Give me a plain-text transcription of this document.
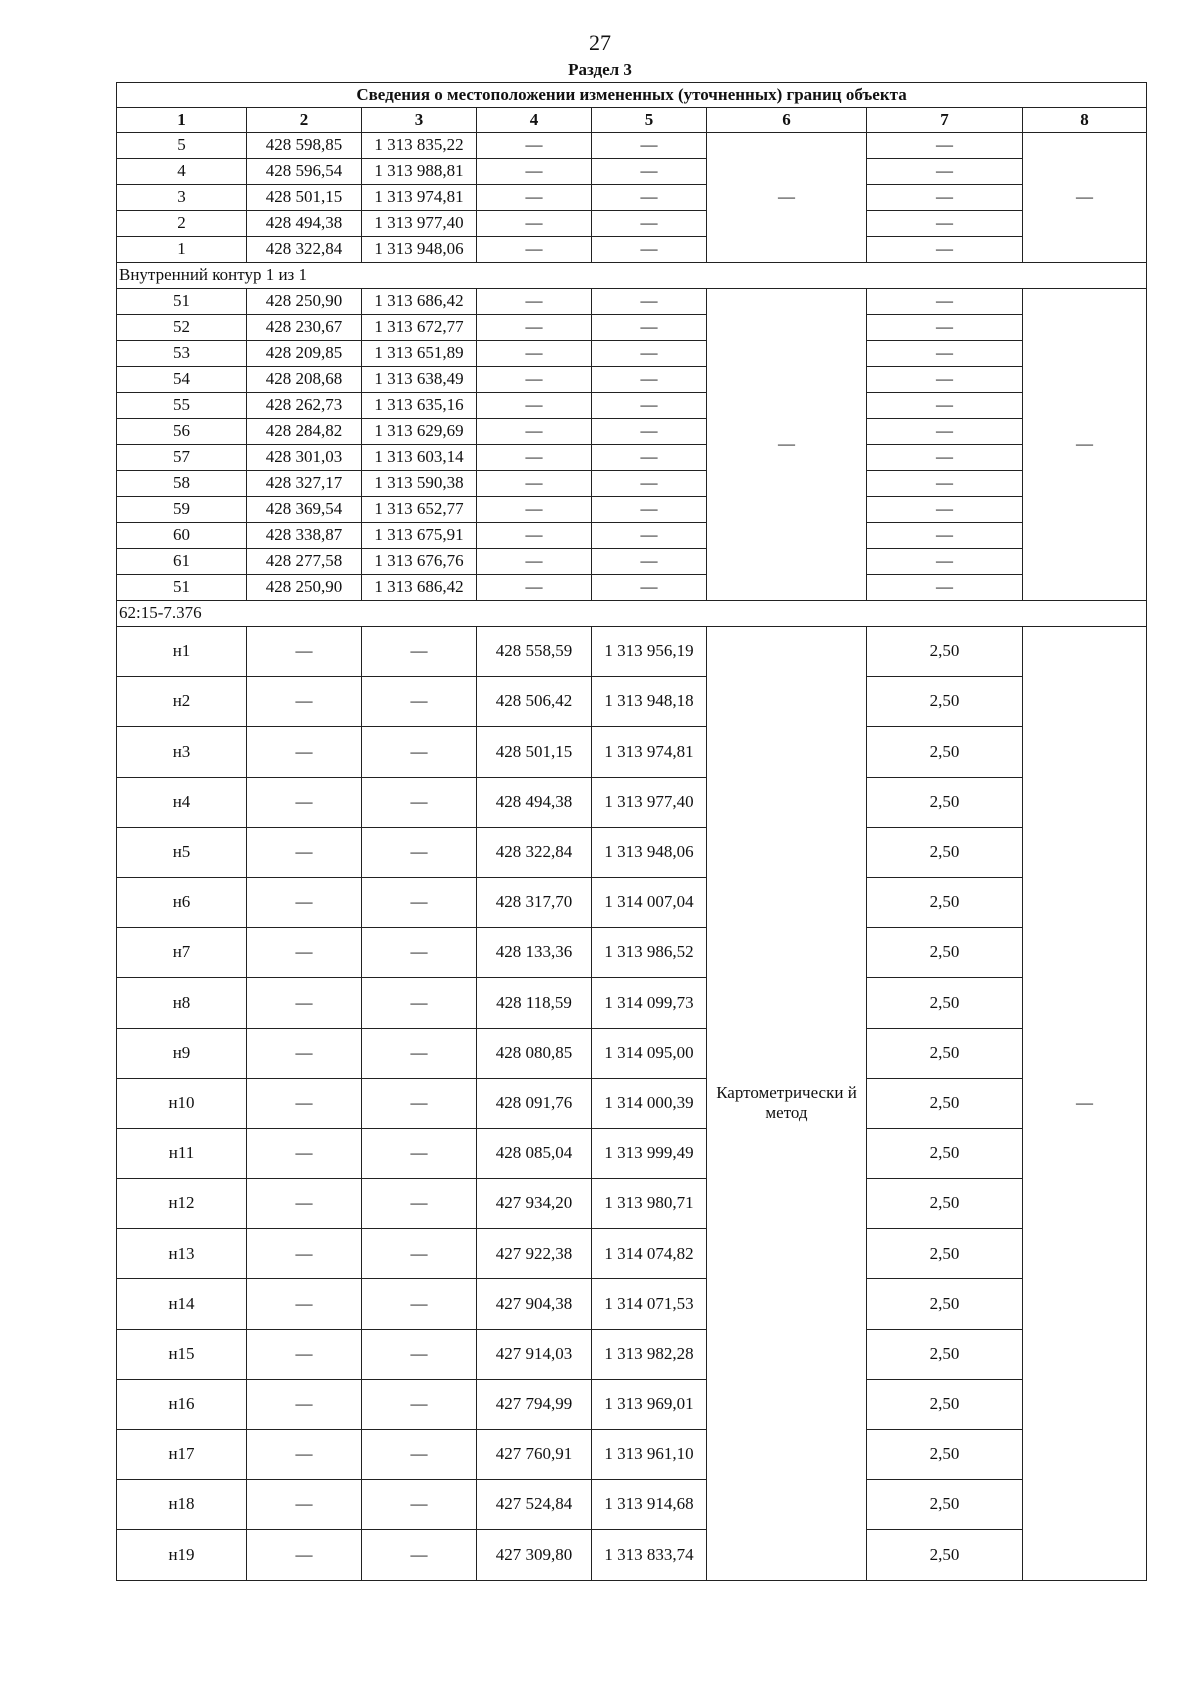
27
Раздел 3
Сведения о местоположении измененных (уточненных) границ объекта							
1	2	3	4	5	6	7	8
5	428 598,85	1 313 835,22	—	—	—	—	—
4	428 596,54	1 313 988,81	—	—		—	
3	428 501,15	1 313 974,81	—	—		—	
2	428 494,38	1 313 977,40	—	—		—	
1	428 322,84	1 313 948,06	—	—		—	
Внутренний контур 1 из 1							
51	428 250,90	1 313 686,42	—	—	—	—	—
52	428 230,67	1 313 672,77	—	—		—	
53	428 209,85	1 313 651,89	—	—		—	
54	428 208,68	1 313 638,49	—	—		—	
55	428 262,73	1 313 635,16	—	—		—	
56	428 284,82	1 313 629,69	—	—		—	
57	428 301,03	1 313 603,14	—	—		—	
58	428 327,17	1 313 590,38	—	—		—	
59	428 369,54	1 313 652,77	—	—		—	
60	428 338,87	1 313 675,91	—	—		—	
61	428 277,58	1 313 676,76	—	—		—	
51	428 250,90	1 313 686,42	—	—		—	
62:15-7.376							
н1	—	—	428 558,59	1 313 956,19	Картометрически й метод	2,50	—
н2	—	—	428 506,42	1 313 948,18		2,50	
н3	—	—	428 501,15	1 313 974,81		2,50	
н4	—	—	428 494,38	1 313 977,40		2,50	
н5	—	—	428 322,84	1 313 948,06		2,50	
н6	—	—	428 317,70	1 314 007,04		2,50	
н7	—	—	428 133,36	1 313 986,52		2,50	
н8	—	—	428 118,59	1 314 099,73		2,50	
н9	—	—	428 080,85	1 314 095,00		2,50	
н10	—	—	428 091,76	1 314 000,39		2,50	
н11	—	—	428 085,04	1 313 999,49		2,50	
н12	—	—	427 934,20	1 313 980,71		2,50	
н13	—	—	427 922,38	1 314 074,82		2,50	
н14	—	—	427 904,38	1 314 071,53		2,50	
н15	—	—	427 914,03	1 313 982,28		2,50	
н16	—	—	427 794,99	1 313 969,01		2,50	
н17	—	—	427 760,91	1 313 961,10		2,50	
н18	—	—	427 524,84	1 313 914,68		2,50	
н19	—	—	427 309,80	1 313 833,74		2,50	
